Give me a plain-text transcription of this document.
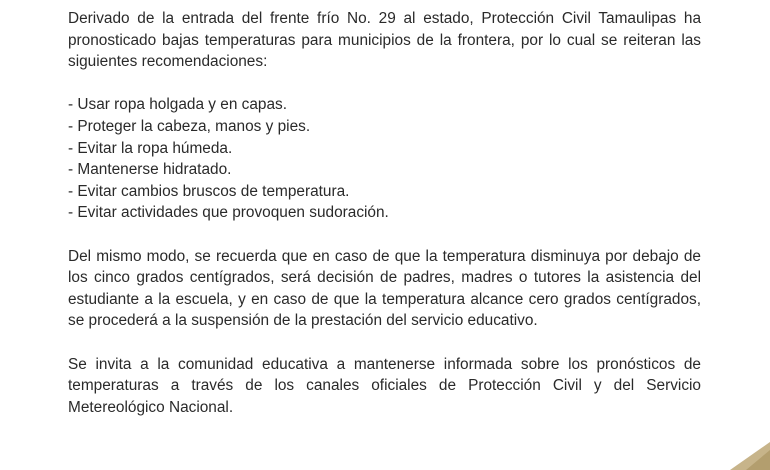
Derivado de la entrada del frente frío No. 29 al estado, Protección Civil Tamaulipas ha pronosticado bajas temperaturas para municipios de la frontera, por lo cual se reiteran las siguientes recomendaciones:

- Usar ropa holgada y en capas.
- Proteger la cabeza, manos y pies.
- Evitar la ropa húmeda.
- Mantenerse hidratado.
- Evitar cambios bruscos de temperatura.
- Evitar actividades que provoquen sudoración.

Del mismo modo, se recuerda que en caso de que la temperatura disminuya por debajo de los cinco grados centígrados, será decisión de padres, madres o tutores la asistencia del estudiante a la escuela, y en caso de que la temperatura alcance cero grados centígrados, se procederá a la suspensión de la prestación del servicio educativo.

Se invita a la comunidad educativa a mantenerse informada sobre los pronósticos de temperaturas a través de los canales oficiales de Protección Civil y del Servicio Metereológico Nacional.
